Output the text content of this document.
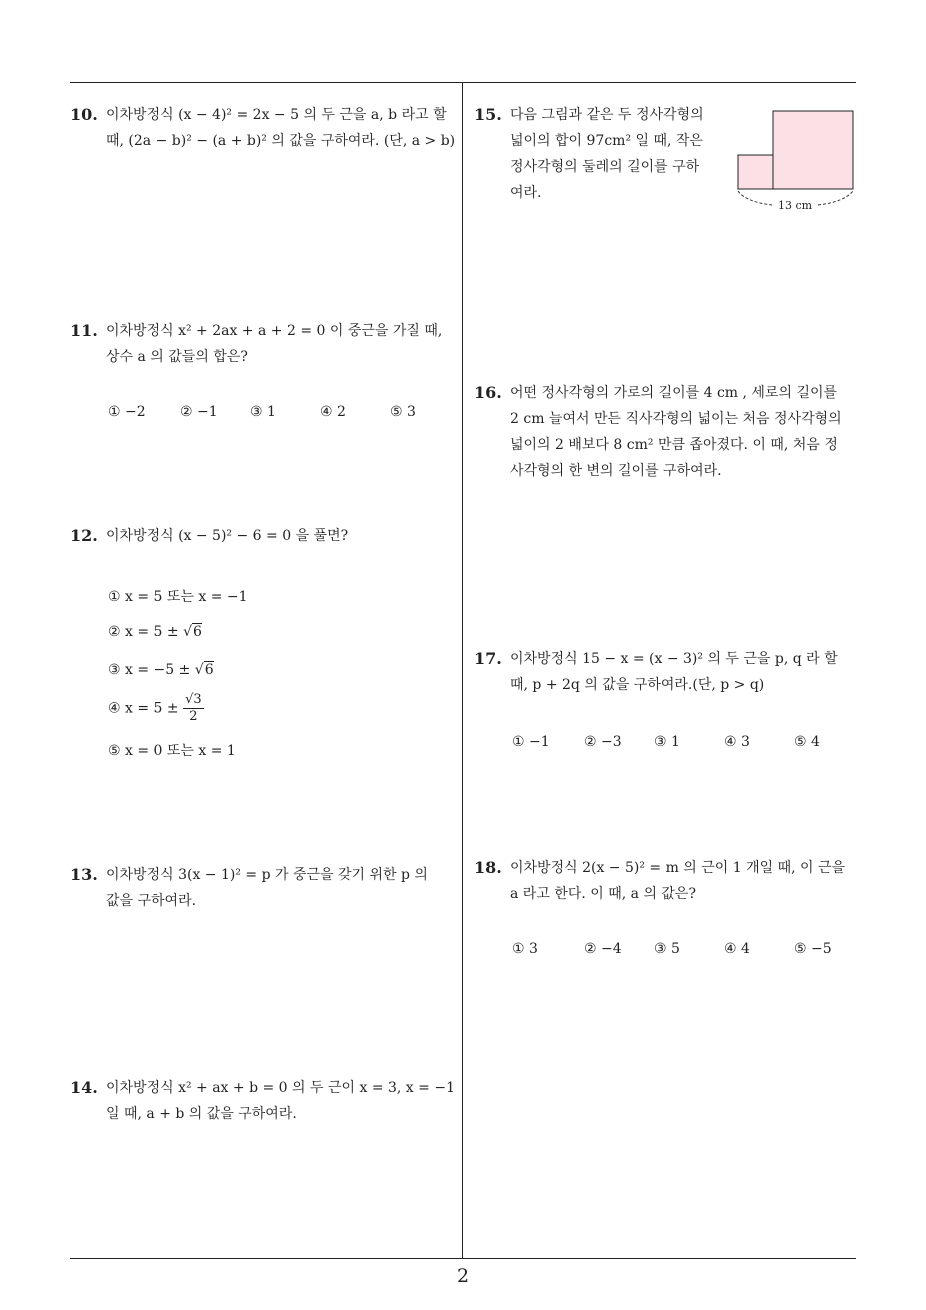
10. 이차방정식 (x − 4)² = 2x − 5 의 두 근을 a, b 라고 할
때, (2a − b)² − (a + b)² 의 값을 구하여라. (단, a > b)
11. 이차방정식 x² + 2ax + a + 2 = 0 이 중근을 가질 때,
상수 a 의 값들의 합은?
① −2 ② −1 ③ 1	④ 2	⑤ 3
12. 이차방정식 (x − 5)² − 6 = 0 을 풀면?
① x = 5 또는 x = −1
② x = 5 ± √6
③ x = −5 ± √6
④ $x = 5 \pm \frac{√3}{2}$
⑤ x = 0 또는 x = 1
13. 이차방정식 3(x − 1)² = p 가 중근을 갖기 위한 p 의
값을 구하여라.
14. 이차방정식 x² + ax + b = 0 의 두 근이 x = 3, x = −1
일 때, a + b 의 값을 구하여라.
15. 다음 그림과 같은 두 정사각형의
넓이의 합이 97cm² 일 때, 작은
정사각형의 둘레의 길이를 구하
여라.
13 cm
16. 어떤 정사각형의 가로의 길이를 4 cm , 세로의 길이를
2 cm 늘여서 만든 직사각형의 넓이는 처음 정사각형의
넓이의 2 배보다 8 cm² 만큼 좁아졌다. 이 때, 처음 정
사각형의 한 변의 길이를 구하여라.
17. 이차방정식 15 − x = (x − 3)² 의 두 근을 p, q 라 할
때, p + 2q 의 값을 구하여라.(단, p > q)
① −1 ② −3 ③ 1	④ 3	⑤ 4
18. 이차방정식 2(x − 5)² = m 의 근이 1 개일 때, 이 근을
a 라고 한다. 이 때, a 의 값은?
① 3	② −4 ③ 5	④ 4	⑤ −5
2
